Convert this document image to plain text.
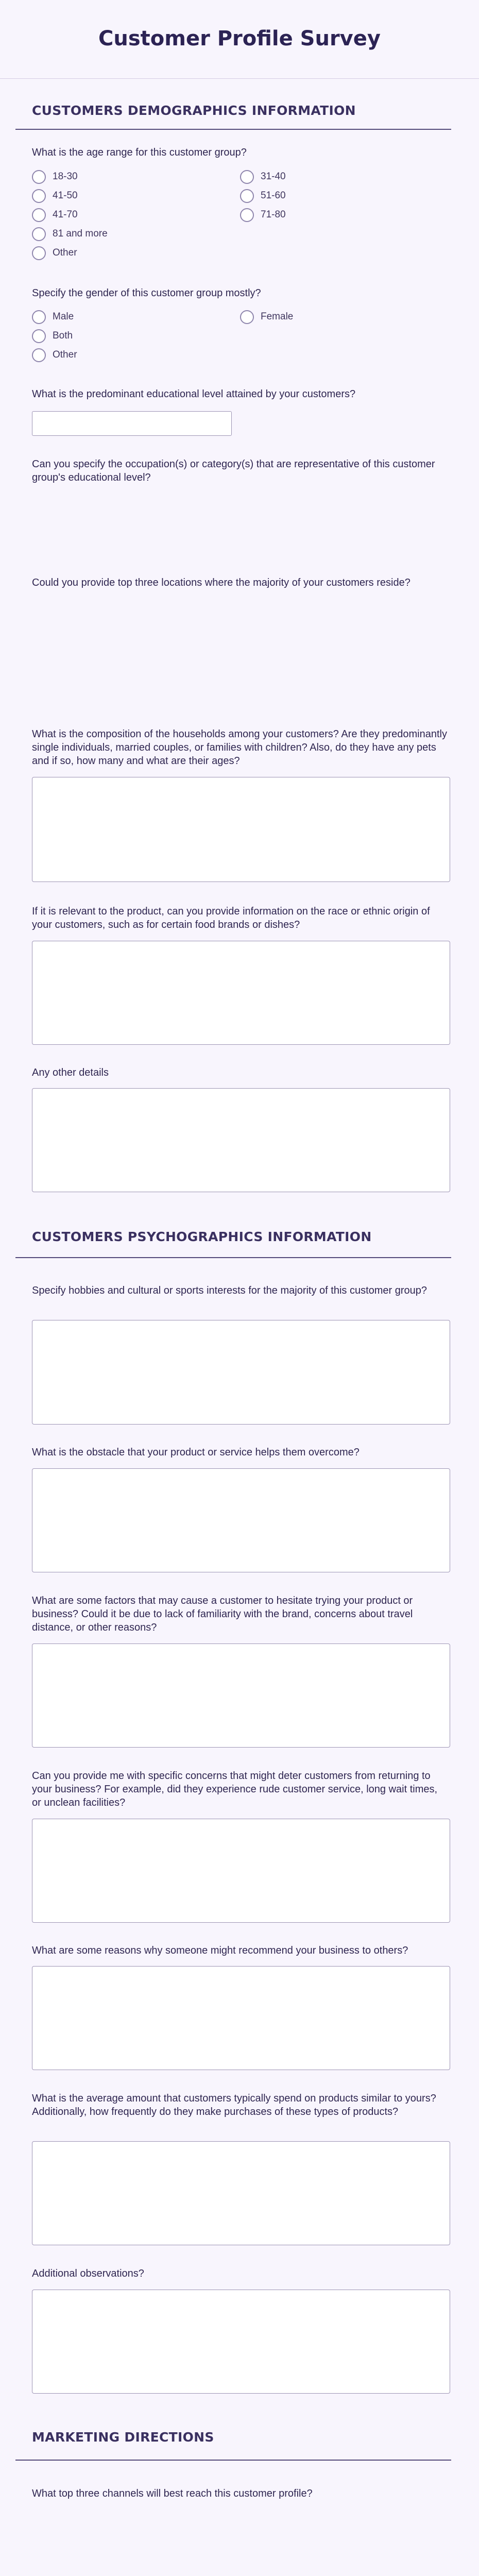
Customer Profile Survey
CUSTOMERS DEMOGRAPHICS INFORMATION
What is the age range for this customer group?
18-30	31-40
41-50	51-60
41-70	71-80
81 and more
Other
Specify the gender of this customer group mostly?
Male	Female
Both
Other
What is the predominant educational level attained by your customers?
Can you specify the occupation(s) or category(s) that are representative of this customer group's educational level?
Could you provide top three locations where the majority of your customers reside?
What is the composition of the households among your customers? Are they predominantly single individuals, married couples, or families with children? Also, do they have any pets and if so, how many and what are their ages?
If it is relevant to the product, can you provide information on the race or ethnic origin of your customers, such as for certain food brands or dishes?
Any other details
CUSTOMERS PSYCHOGRAPHICS INFORMATION
Specify hobbies and cultural or sports interests for the majority of this customer group?
What is the obstacle that your product or service helps them overcome?
What are some factors that may cause a customer to hesitate trying your product or business? Could it be due to lack of familiarity with the brand, concerns about travel distance, or other reasons?
Can you provide me with specific concerns that might deter customers from returning to your business? For example, did they experience rude customer service, long wait times, or unclean facilities?
What are some reasons why someone might recommend your business to others?
What is the average amount that customers typically spend on products similar to yours? Additionally, how frequently do they make purchases of these types of products?
Additional observations?
MARKETING DIRECTIONS
What top three channels will best reach this customer profile?
